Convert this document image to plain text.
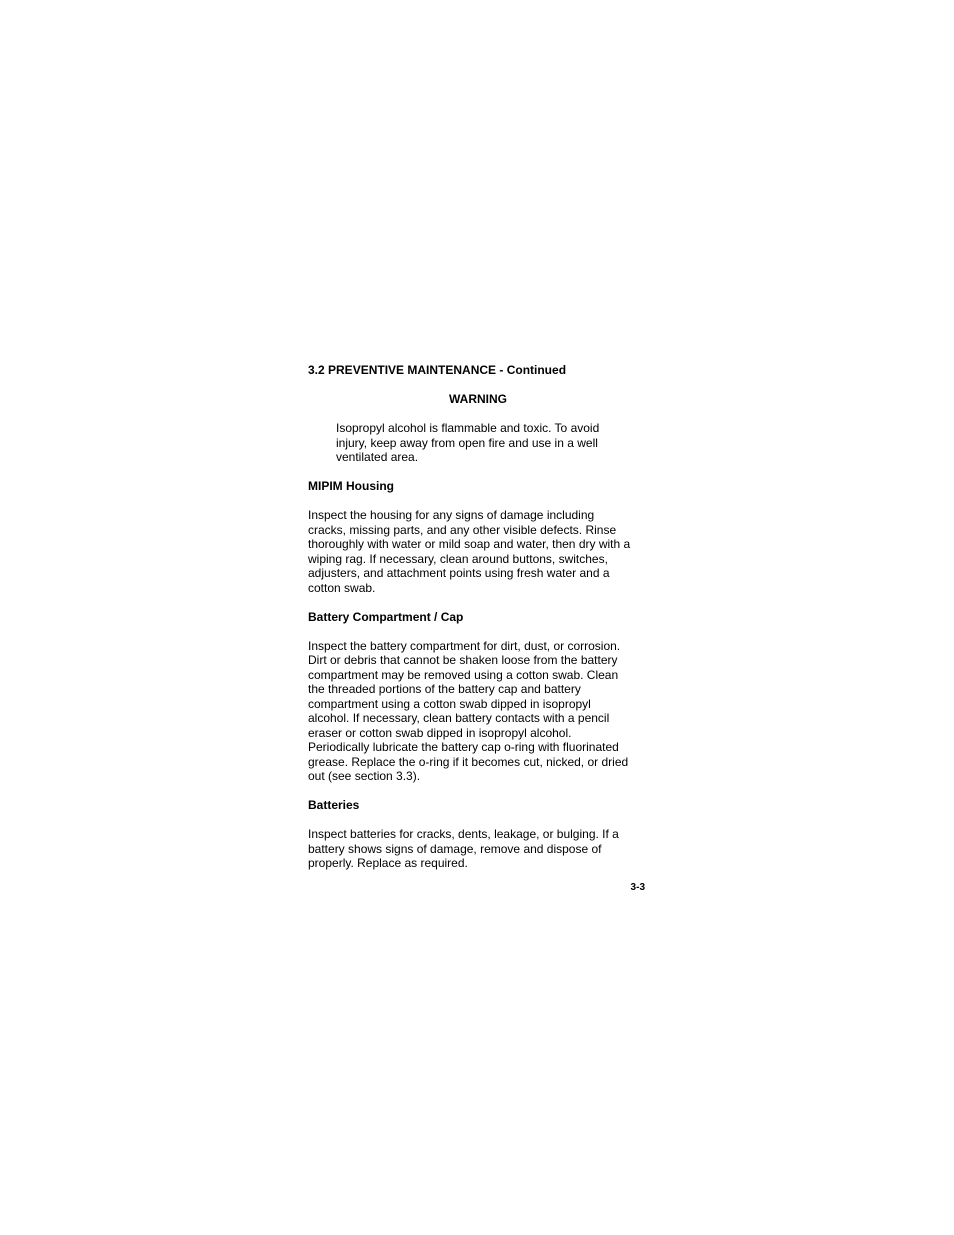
3.2 PREVENTIVE MAINTENANCE - Continued
WARNING
Isopropyl alcohol is flammable and toxic. To avoid
injury, keep away from open fire and use in a well
ventilated area.
MIPIM Housing
Inspect the housing for any signs of damage including
cracks, missing parts, and any other visible defects. Rinse
thoroughly with water or mild soap and water, then dry with a
wiping rag. If necessary, clean around buttons, switches,
adjusters, and attachment points using fresh water and a
cotton swab.
Battery Compartment / Cap
Inspect the battery compartment for dirt, dust, or corrosion.
Dirt or debris that cannot be shaken loose from the battery
compartment may be removed using a cotton swab. Clean
the threaded portions of the battery cap and battery
compartment using a cotton swab dipped in isopropyl
alcohol. If necessary, clean battery contacts with a pencil
eraser or cotton swab dipped in isopropyl alcohol.
Periodically lubricate the battery cap o-ring with fluorinated
grease. Replace the o-ring if it becomes cut, nicked, or dried
out (see section 3.3).
Batteries
Inspect batteries for cracks, dents, leakage, or bulging. If a
battery shows signs of damage, remove and dispose of
properly. Replace as required.
3-3
